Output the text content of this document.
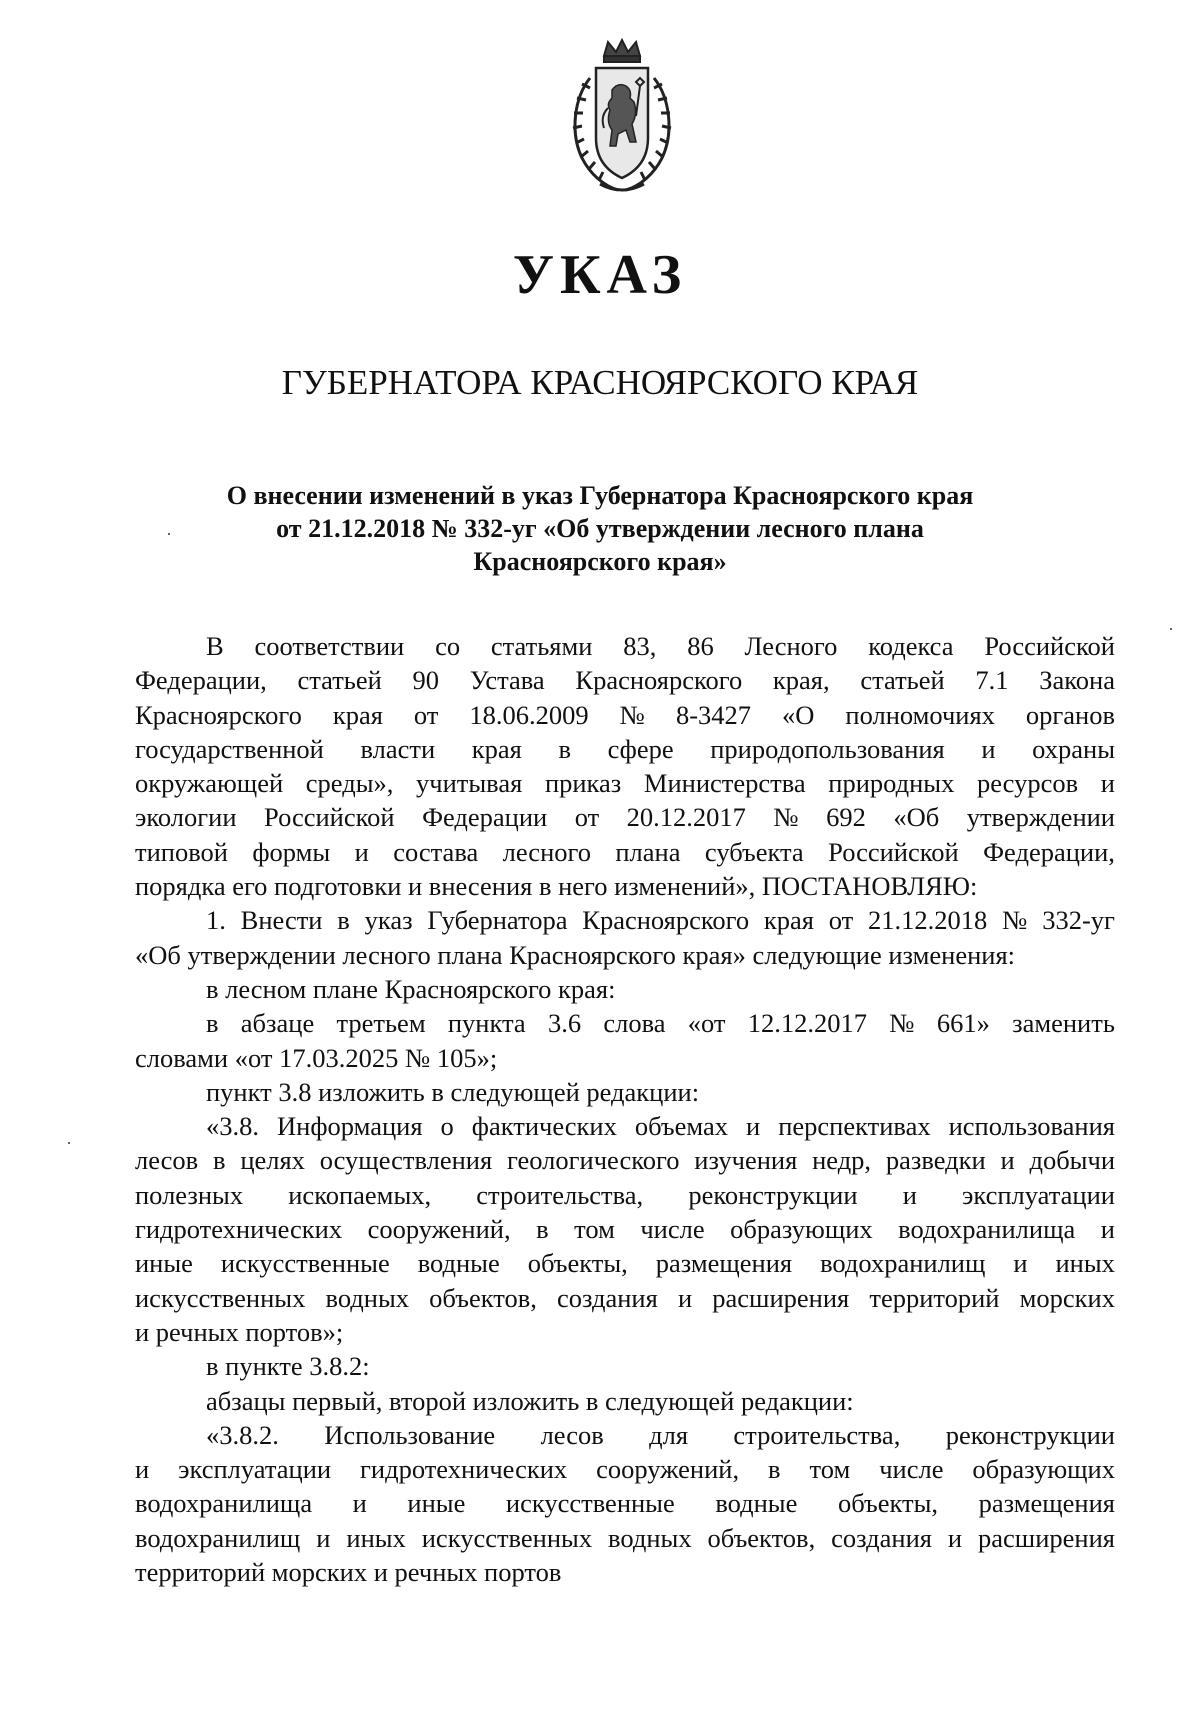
УКАЗ
ГУБЕРНАТОРА КРАСНОЯРСКОГО КРАЯ
О внесении изменений в указ Губернатора Красноярского края
от 21.12.2018 № 332-уг «Об утверждении лесного плана
Красноярского края»
В соответствии со статьями 83, 86 Лесного кодекса Российской
Федерации, статьей 90 Устава Красноярского края, статьей 7.1 Закона
Красноярского края от 18.06.2009 № 8-3427 «О полномочиях органов
государственной власти края в сфере природопользования и охраны
окружающей среды», учитывая приказ Министерства природных ресурсов и
экологии Российской Федерации от 20.12.2017 № 692 «Об утверждении
типовой формы и состава лесного плана субъекта Российской Федерации,
порядка его подготовки и внесения в него изменений», ПОСТАНОВЛЯЮ:
1. Внести в указ Губернатора Красноярского края от 21.12.2018 № 332-уг
«Об утверждении лесного плана Красноярского края» следующие изменения:
в лесном плане Красноярского края:
в абзаце третьем пункта 3.6 слова «от 12.12.2017 № 661» заменить
словами «от 17.03.2025 № 105»;
пункт 3.8 изложить в следующей редакции:
«3.8. Информация о фактических объемах и перспективах использования
лесов в целях осуществления геологического изучения недр, разведки и добычи
полезных ископаемых, строительства, реконструкции и эксплуатации
гидротехнических сооружений, в том числе образующих водохранилища и
иные искусственные водные объекты, размещения водохранилищ и иных
искусственных водных объектов, создания и расширения территорий морских
и речных портов»;
в пункте 3.8.2:
абзацы первый, второй изложить в следующей редакции:
«3.8.2. Использование лесов для строительства, реконструкции
и эксплуатации гидротехнических сооружений, в том числе образующих
водохранилища и иные искусственные водные объекты, размещения
водохранилищ и иных искусственных водных объектов, создания и расширения
территорий морских и речных портов
